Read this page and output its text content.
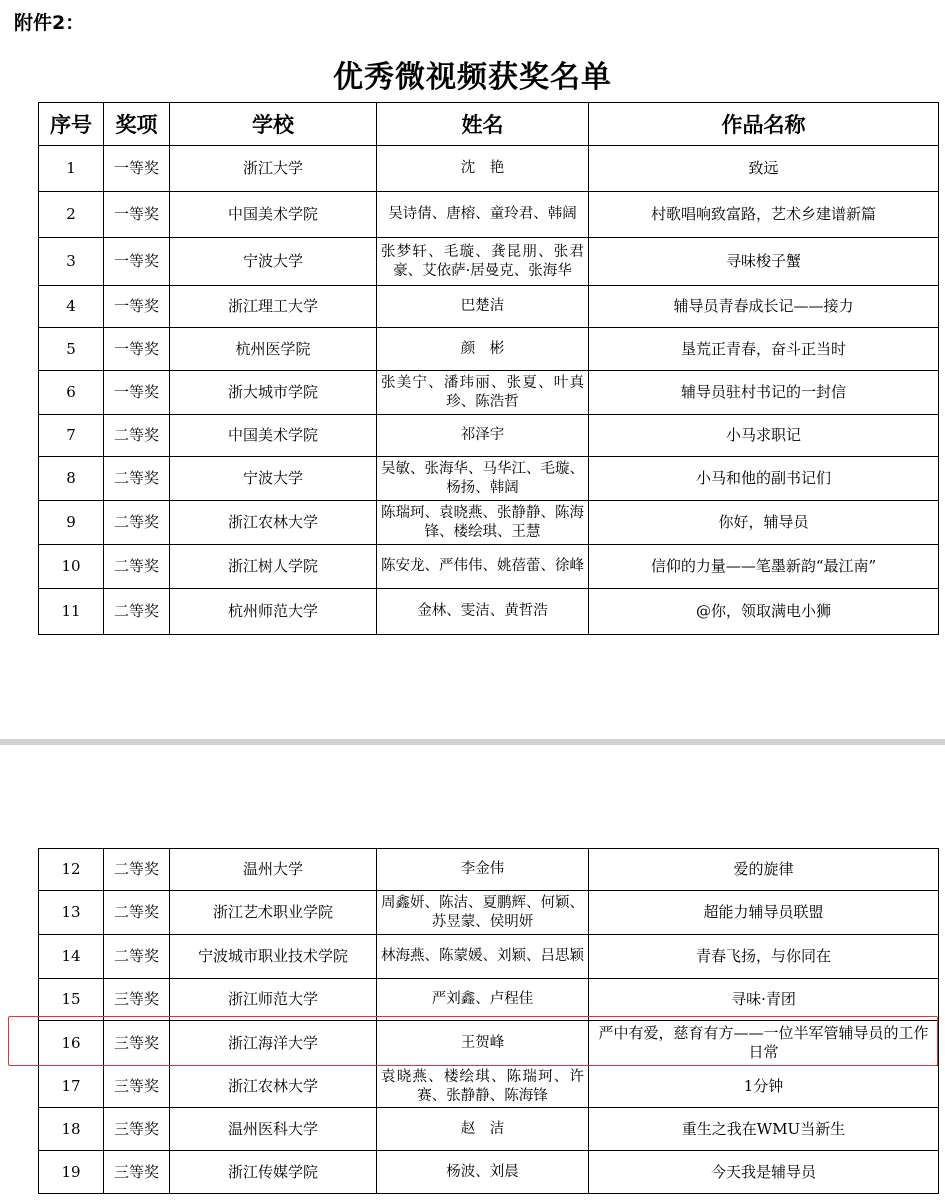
附件2：
优秀微视频获奖名单
序号	奖项	学校	姓名	作品名称
1	一等奖	浙江大学	沈　艳	致远
2	一等奖	中国美术学院	吴诗倩、唐榕、童玲君、韩阔	村歌唱响致富路，艺术乡建谱新篇
3	一等奖	宁波大学	张梦轩、毛璇、龚昆朋、张君豪、艾依萨·居曼克、张海华	寻味梭子蟹
4	一等奖	浙江理工大学	巴楚洁	辅导员青春成长记——接力
5	一等奖	杭州医学院	颜　彬	垦荒正青春，奋斗正当时
6	一等奖	浙大城市学院	张美宁、潘玮丽、张夏、叶真珍、陈浩哲	辅导员驻村书记的一封信
7	二等奖	中国美术学院	祁泽宇	小马求职记
8	二等奖	宁波大学	吴敏、张海华、马华江、毛璇、杨扬、韩阔	小马和他的副书记们
9	二等奖	浙江农林大学	陈瑞珂、袁晓燕、张静静、陈海锋、楼绘琪、王慧	你好，辅导员
10	二等奖	浙江树人学院	陈安龙、严伟伟、姚蓓蕾、徐峰	信仰的力量——笔墨新韵“最江南”
11	二等奖	杭州师范大学	金林、雯洁、黄哲浩	@你，领取满电小狮
12	二等奖	温州大学	李金伟	爱的旋律
13	二等奖	浙江艺术职业学院	周鑫妍、陈洁、夏鹏辉、何颖、苏昱蒙、侯明妍	超能力辅导员联盟
14	二等奖	宁波城市职业技术学院	林海燕、陈蒙媛、刘颖、吕思颖	青春飞扬，与你同在
15	三等奖	浙江师范大学	严刘鑫、卢程佳	寻味·青团
16	三等奖	浙江海洋大学	王贺峰	严中有爱，慈育有方——一位半军管辅导员的工作日常
17	三等奖	浙江农林大学	袁晓燕、楼绘琪、陈瑞珂、许赛、张静静、陈海锋	1分钟
18	三等奖	温州医科大学	赵　洁	重生之我在WMU当新生
19	三等奖	浙江传媒学院	杨波、刘晨	今天我是辅导员
